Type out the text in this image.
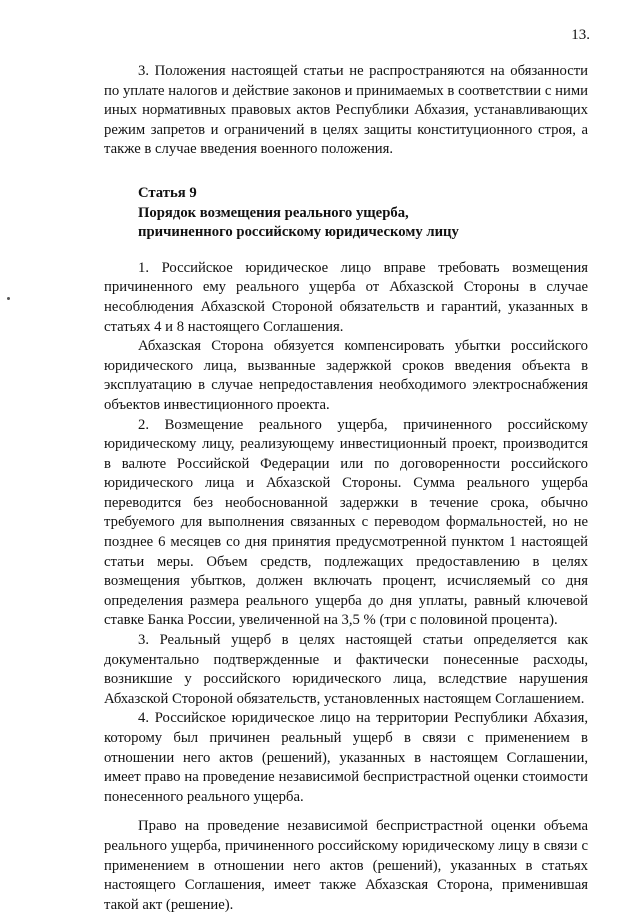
13.

3. Положения настоящей статьи не распространяются на обязанности по уплате налогов и действие законов и принимаемых в соответствии с ними иных нормативных правовых актов Республики Абхазия, устанавливающих режим запретов и ограничений в целях защиты конституционного строя, а также в случае введения военного положения.

Статья 9

Порядок возмещения реального ущерба,

причиненного российскому юридическому лицу

1. Российское юридическое лицо вправе требовать возмещения причиненного ему реального ущерба от Абхазской Стороны в случае несоблюдения Абхазской Стороной обязательств и гарантий, указанных в статьях 4 и 8 настоящего Соглашения.

Абхазская Сторона обязуется компенсировать убытки российского юридического лица, вызванные задержкой сроков введения объекта в эксплуатацию в случае непредоставления необходимого электроснабжения объектов инвестиционного проекта.

2. Возмещение реального ущерба, причиненного российскому юридическому лицу, реализующему инвестиционный проект, производится в валюте Российской Федерации или по договоренности российского юридического лица и Абхазской Стороны. Сумма реального ущерба переводится без необоснованной задержки в течение срока, обычно требуемого для выполнения связанных с переводом формальностей, но не позднее 6 месяцев со дня принятия предусмотренной пунктом 1 настоящей статьи меры. Объем средств, подлежащих предоставлению в целях возмещения убытков, должен включать процент, исчисляемый со дня определения размера реального ущерба до дня уплаты, равный ключевой ставке Банка России, увеличенной на 3,5 % (три с половиной процента).

3. Реальный ущерб в целях настоящей статьи определяется как документально подтвержденные и фактически понесенные расходы, возникшие у российского юридического лица, вследствие нарушения Абхазской Стороной обязательств, установленных настоящем Соглашением.

4. Российское юридическое лицо на территории Республики Абхазия, которому был причинен реальный ущерб в связи с применением в отношении него актов (решений), указанных в настоящем Соглашении, имеет право на проведение независимой беспристрастной оценки стоимости понесенного реального ущерба.

Право на проведение независимой беспристрастной оценки объема реального ущерба, причиненного российскому юридическому лицу в связи с применением в отношении него актов (решений), указанных в статьях настоящего Соглашения, имеет также Абхазская Сторона, применившая такой акт (решение).
